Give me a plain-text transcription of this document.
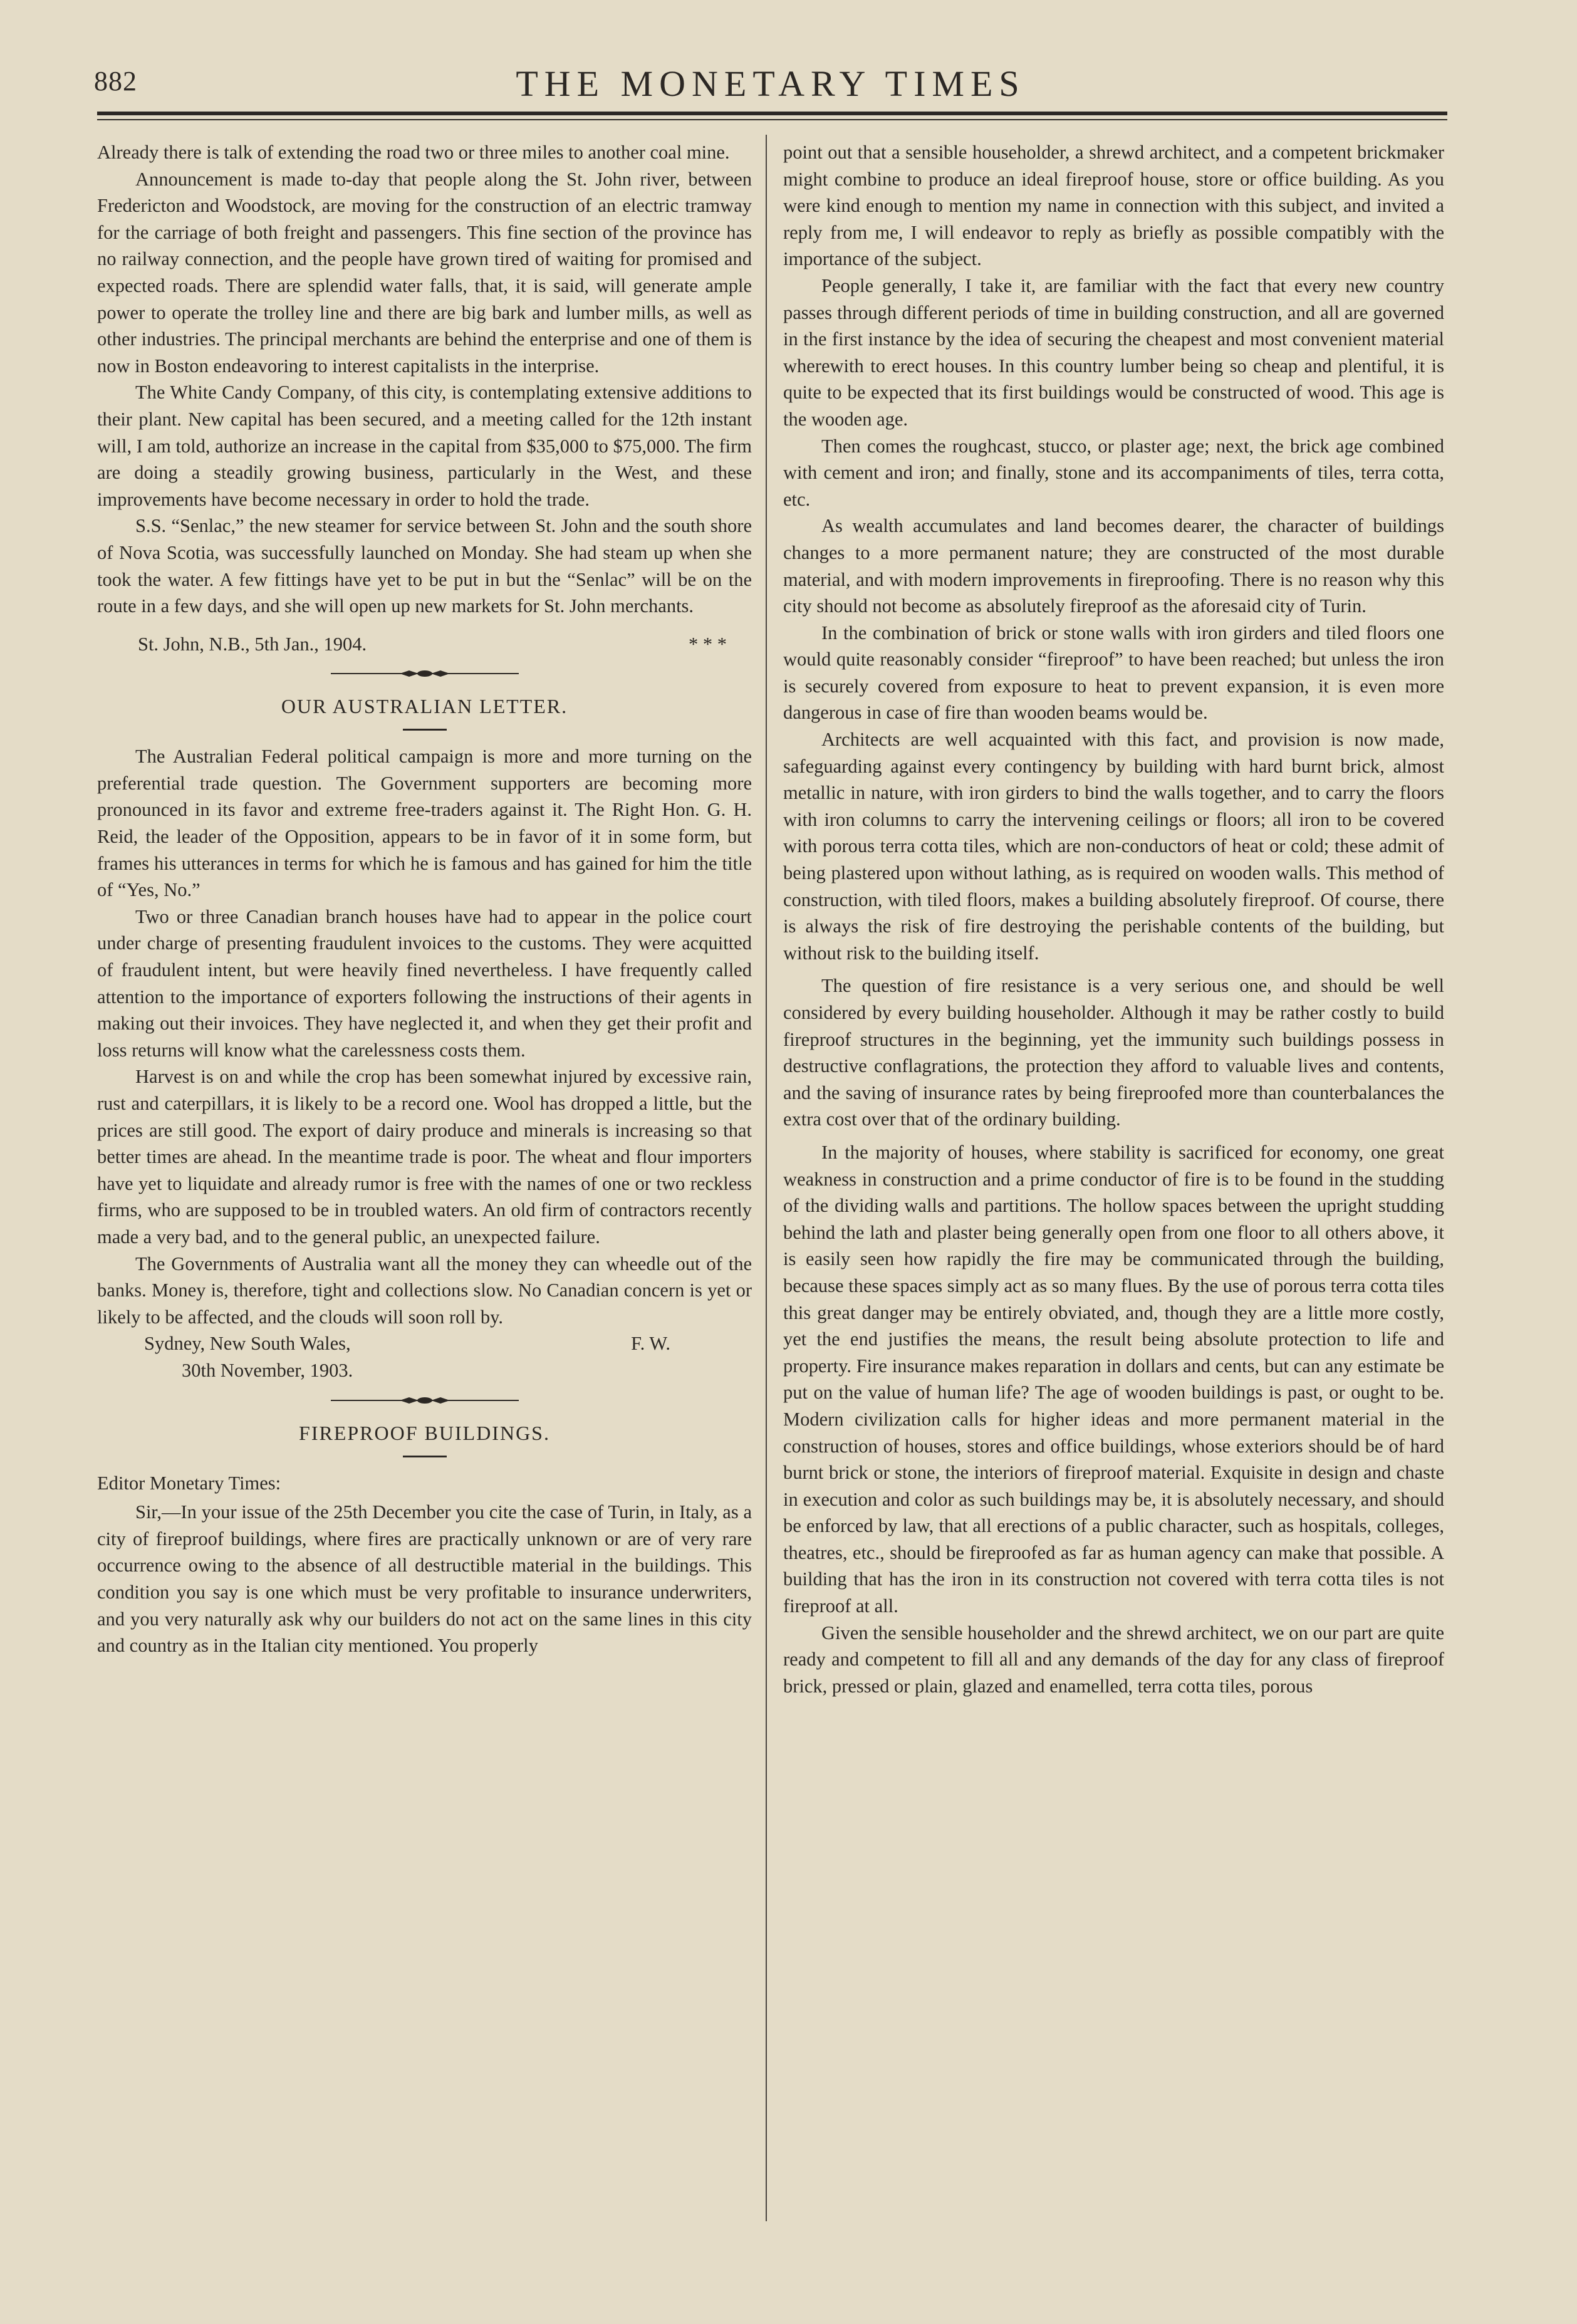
882	THE MONETARY TIMES

Already there is talk of extending the road two or three miles to another coal mine.

Announcement is made to-day that people along the St. John river, between Fredericton and Woodstock, are moving for the construction of an electric tramway for the carriage of both freight and passengers. This fine section of the province has no railway connection, and the people have grown tired of waiting for promised and expected roads. There are splendid water falls, that, it is said, will generate ample power to operate the trolley line and there are big bark and lumber mills, as well as other industries. The principal merchants are behind the enterprise and one of them is now in Boston endeavoring to interest capitalists in the interprise.

The White Candy Company, of this city, is contemplating extensive additions to their plant. New capital has been secured, and a meeting called for the 12th instant will, I am told, authorize an increase in the capital from $35,000 to $75,000. The firm are doing a steadily growing business, particularly in the West, and these improvements have become necessary in order to hold the trade.

S.S. “Senlac,” the new steamer for service between St. John and the south shore of Nova Scotia, was successfully launched on Monday. She had steam up when she took the water. A few fittings have yet to be put in but the “Senlac” will be on the route in a few days, and she will open up new markets for St. John merchants.

St. John, N.B., 5th Jan., 1904.	* * *
OUR AUSTRALIAN LETTER.

The Australian Federal political campaign is more and more turning on the preferential trade question. The Government supporters are becoming more pronounced in its favor and extreme free-traders against it. The Right Hon. G. H. Reid, the leader of the Opposition, appears to be in favor of it in some form, but frames his utterances in terms for which he is famous and has gained for him the title of “Yes, No.”

Two or three Canadian branch houses have had to appear in the police court under charge of presenting fraudulent invoices to the customs. They were acquitted of fraudulent intent, but were heavily fined nevertheless. I have frequently called attention to the importance of exporters following the instructions of their agents in making out their invoices. They have neglected it, and when they get their profit and loss returns will know what the carelessness costs them.

Harvest is on and while the crop has been somewhat injured by excessive rain, rust and caterpillars, it is likely to be a record one. Wool has dropped a little, but the prices are still good. The export of dairy produce and minerals is increasing so that better times are ahead. In the meantime trade is poor. The wheat and flour importers have yet to liquidate and already rumor is free with the names of one or two reckless firms, who are supposed to be in troubled waters. An old firm of contractors recently made a very bad, and to the general public, an unexpected failure.

The Governments of Australia want all the money they can wheedle out of the banks. Money is, therefore, tight and collections slow. No Canadian concern is yet or likely to be affected, and the clouds will soon roll by.

Sydney, New South Wales,	F. W.
30th November, 1903.
FIREPROOF BUILDINGS.
Editor Monetary Times:

Sir,—In your issue of the 25th December you cite the case of Turin, in Italy, as a city of fireproof buildings, where fires are practically unknown or are of very rare occurrence owing to the absence of all destructible material in the buildings. This condition you say is one which must be very profitable to insurance underwriters, and you very naturally ask why our builders do not act on the same lines in this city and country as in the Italian city mentioned. You properly

point out that a sensible householder, a shrewd architect, and a competent brickmaker might combine to produce an ideal fireproof house, store or office building. As you were kind enough to mention my name in connection with this subject, and invited a reply from me, I will endeavor to reply as briefly as possible compatibly with the importance of the subject.

People generally, I take it, are familiar with the fact that every new country passes through different periods of time in building construction, and all are governed in the first instance by the idea of securing the cheapest and most convenient material wherewith to erect houses. In this country lumber being so cheap and plentiful, it is quite to be expected that its first buildings would be constructed of wood. This age is the wooden age.

Then comes the roughcast, stucco, or plaster age; next, the brick age combined with cement and iron; and finally, stone and its accompaniments of tiles, terra cotta, etc.

As wealth accumulates and land becomes dearer, the character of buildings changes to a more permanent nature; they are constructed of the most durable material, and with modern improvements in fireproofing. There is no reason why this city should not become as absolutely fireproof as the aforesaid city of Turin.

In the combination of brick or stone walls with iron girders and tiled floors one would quite reasonably consider “fireproof” to have been reached; but unless the iron is securely covered from exposure to heat to prevent expansion, it is even more dangerous in case of fire than wooden beams would be.

Architects are well acquainted with this fact, and provision is now made, safeguarding against every contingency by building with hard burnt brick, almost metallic in nature, with iron girders to bind the walls together, and to carry the floors with iron columns to carry the intervening ceilings or floors; all iron to be covered with porous terra cotta tiles, which are non-conductors of heat or cold; these admit of being plastered upon without lathing, as is required on wooden walls. This method of construction, with tiled floors, makes a building absolutely fireproof. Of course, there is always the risk of fire destroying the perishable contents of the building, but without risk to the building itself.

The question of fire resistance is a very serious one, and should be well considered by every building householder. Although it may be rather costly to build fireproof structures in the beginning, yet the immunity such buildings possess in destructive conflagrations, the protection they afford to valuable lives and contents, and the saving of insurance rates by being fireproofed more than counterbalances the extra cost over that of the ordinary building.

In the majority of houses, where stability is sacrificed for economy, one great weakness in construction and a prime conductor of fire is to be found in the studding of the dividing walls and partitions. The hollow spaces between the upright studding behind the lath and plaster being generally open from one floor to all others above, it is easily seen how rapidly the fire may be communicated through the building, because these spaces simply act as so many flues. By the use of porous terra cotta tiles this great danger may be entirely obviated, and, though they are a little more costly, yet the end justifies the means, the result being absolute protection to life and property. Fire insurance makes reparation in dollars and cents, but can any estimate be put on the value of human life? The age of wooden buildings is past, or ought to be. Modern civilization calls for higher ideas and more permanent material in the construction of houses, stores and office buildings, whose exteriors should be of hard burnt brick or stone, the interiors of fireproof material. Exquisite in design and chaste in execution and color as such buildings may be, it is absolutely necessary, and should be enforced by law, that all erections of a public character, such as hospitals, colleges, theatres, etc., should be fireproofed as far as human agency can make that possible. A building that has the iron in its construction not covered with terra cotta tiles is not fireproof at all.

Given the sensible householder and the shrewd architect, we on our part are quite ready and competent to fill all and any demands of the day for any class of fireproof brick, pressed or plain, glazed and enamelled, terra cotta tiles, porous
